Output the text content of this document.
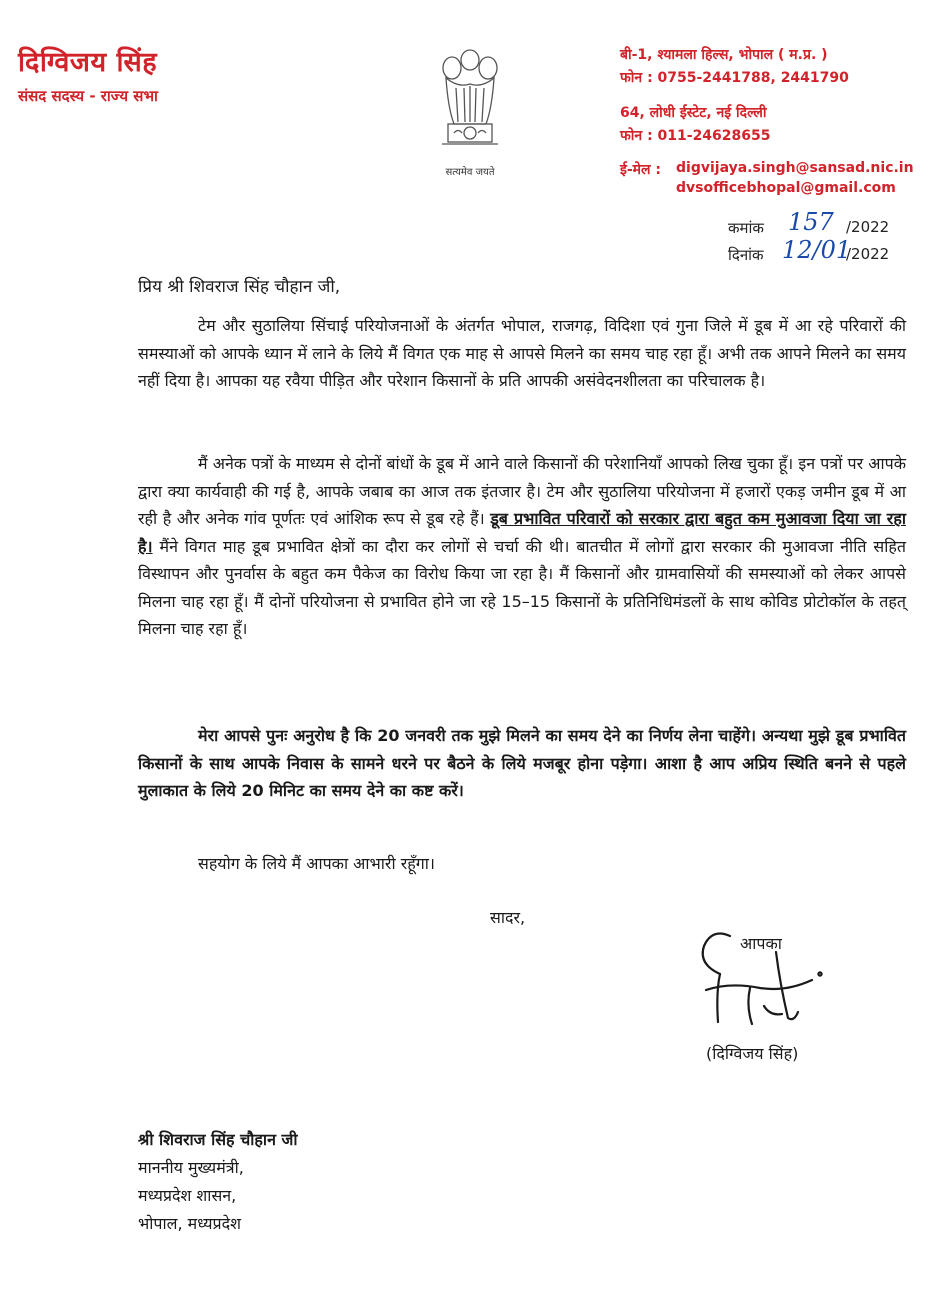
दिग्विजय सिंह
संसद सदस्य - राज्य सभा
सत्यमेव जयते
बी-1, श्यामला हिल्स, भोपाल ( म.प्र. )
फोन : 0755-2441788, 2441790
64, लोधी ईस्टेट, नई दिल्ली
फोन : 011-24628655
ई-मेल : digvijaya.singh@sansad.nic.in
dvsofficebhopal@gmail.com
कमांक 157 /2022
दिनांक 12/01
/2022
प्रिय श्री शिवराज सिंह चौहान जी,
टेम और सुठालिया सिंचाई परियोजनाओं के अंतर्गत भोपाल, राजगढ़, विदिशा एवं गुना जिले में डूब में आ रहे परिवारों की समस्याओं को आपके ध्यान में लाने के लिये मैं विगत एक माह से आपसे मिलने का समय चाह रहा हूँ। अभी तक आपने मिलने का समय नहीं दिया है। आपका यह रवैया पीड़ित और परेशान किसानों के प्रति आपकी असंवेदनशीलता का परिचालक है।
मैं अनेक पत्रों के माध्यम से दोनों बांधों के डूब में आने वाले किसानों की परेशानियाँ आपको लिख चुका हूँ। इन पत्रों पर आपके द्वारा क्या कार्यवाही की गई है, आपके जबाब का आज तक इंतजार है। टेम और सुठालिया परियोजना में हजारों एकड़ जमीन डूब में आ रही है और अनेक गांव पूर्णतः एवं आंशिक रूप से डूब रहे हैं। डूब प्रभावित परिवारों को सरकार द्वारा बहुत कम मुआवजा दिया जा रहा है। मैंने विगत माह डूब प्रभावित क्षेत्रों का दौरा कर लोगों से चर्चा की थी। बातचीत में लोगों द्वारा सरकार की मुआवजा नीति सहित विस्थापन और पुनर्वास के बहुत कम पैकेज का विरोध किया जा रहा है। मैं किसानों और ग्रामवासियों की समस्याओं को लेकर आपसे मिलना चाह रहा हूँ। मैं दोनों परियोजना से प्रभावित होने जा रहे 15–15 किसानों के प्रतिनिधिमंडलों के साथ कोविड प्रोटोकॉल के तहत् मिलना चाह रहा हूँ।
मेरा आपसे पुनः अनुरोध है कि 20 जनवरी तक मुझे मिलने का समय देने का निर्णय लेना चाहेंगे। अन्यथा मुझे डूब प्रभावित किसानों के साथ आपके निवास के सामने धरने पर बैठने के लिये मजबूर होना पड़ेगा। आशा है आप अप्रिय स्थिति बनने से पहले मुलाकात के लिये 20 मिनिट का समय देने का कष्ट करें।
सहयोग के लिये मैं आपका आभारी रहूँगा।
सादर,
आपका
(दिग्विजय सिंह)
श्री शिवराज सिंह चौहान जी
माननीय मुख्यमंत्री,
मध्यप्रदेश शासन,
भोपाल, मध्यप्रदेश
